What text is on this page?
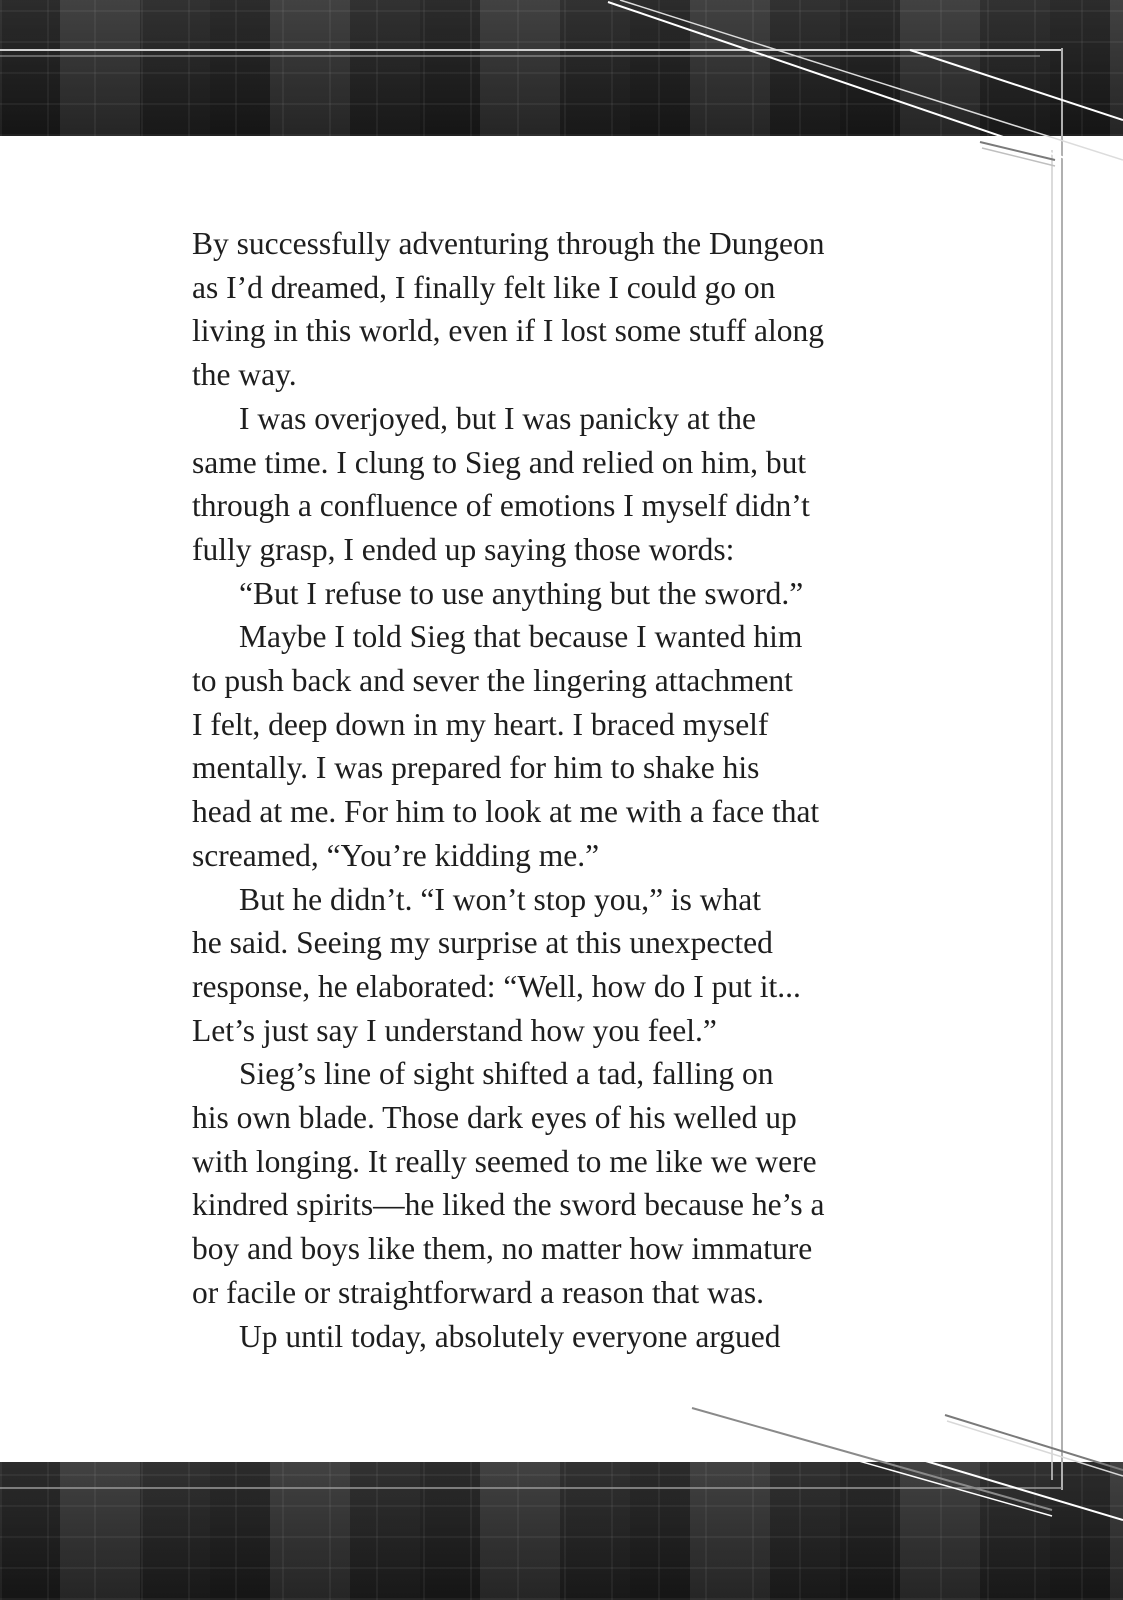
By successfully adventuring through the Dungeon
as I’d dreamed, I finally felt like I could go on
living in this world, even if I lost some stuff along
the way.
I was overjoyed, but I was panicky at the
same time. I clung to Sieg and relied on him, but
through a confluence of emotions I myself didn’t
fully grasp, I ended up saying those words:
“But I refuse to use anything but the sword.”
Maybe I told Sieg that because I wanted him
to push back and sever the lingering attachment
I felt, deep down in my heart. I braced myself
mentally. I was prepared for him to shake his
head at me. For him to look at me with a face that
screamed, “You’re kidding me.”
But he didn’t. “I won’t stop you,” is what
he said. Seeing my surprise at this unexpected
response, he elaborated: “Well, how do I put it...
Let’s just say I understand how you feel.”
Sieg’s line of sight shifted a tad, falling on
his own blade. Those dark eyes of his welled up
with longing. It really seemed to me like we were
kindred spirits—he liked the sword because he’s a
boy and boys like them, no matter how immature
or facile or straightforward a reason that was.
Up until today, absolutely everyone argued
